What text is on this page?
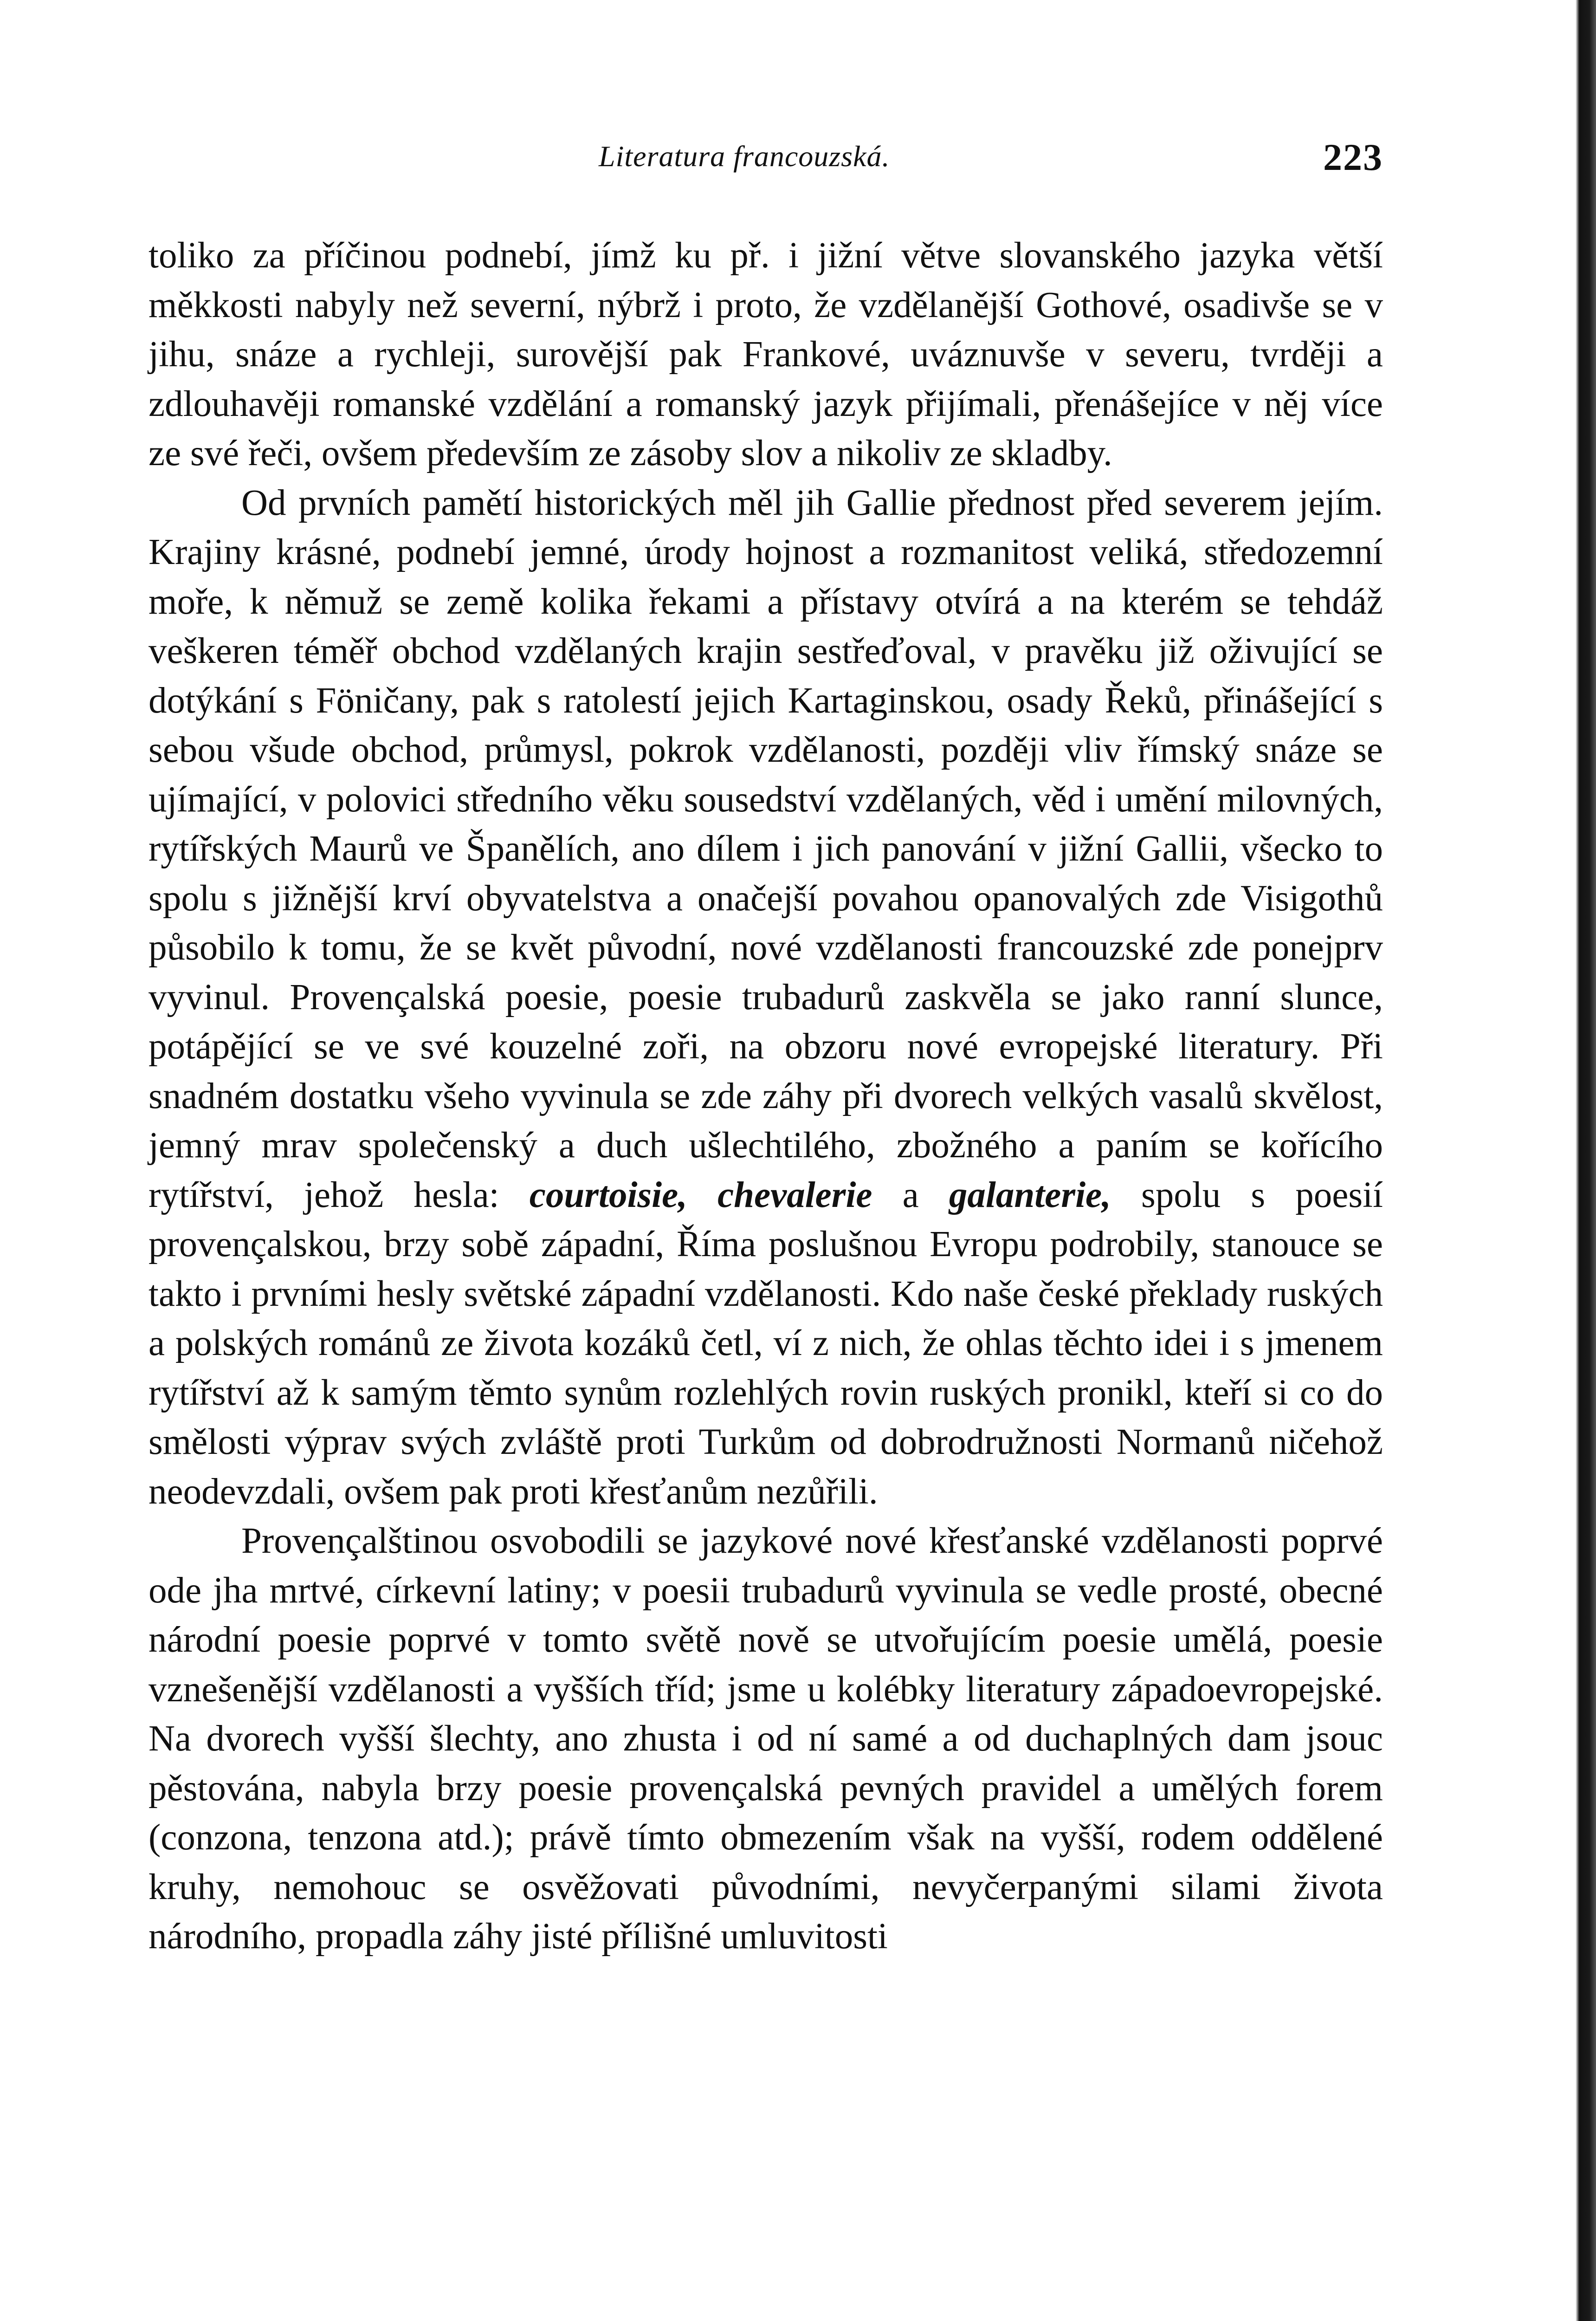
Literatura francouzská.	223

toliko za příčinou podnebí, jímž ku př. i jižní větve slovanského jazyka větší měkkosti nabyly než severní, nýbrž i proto, že vzdělanější Gothové, osadivše se v jihu, snáze a rychleji, surovější pak Frankové, uváznuvše v severu, tvrději a zdlouhavěji romanské vzdělání a romanský jazyk přijímali, přenášejíce v něj více ze své řeči, ovšem především ze zásoby slov a nikoliv ze skladby.

Od prvních pamětí historických měl jih Gallie přednost před severem jejím. Krajiny krásné, podnebí jemné, úrody hojnost a rozmanitost veliká, středozemní moře, k němuž se země kolika řekami a přístavy otvírá a na kterém se tehdáž veškeren téměř obchod vzdělaných krajin sestřeďoval, v pravěku již oživující se dotýkání s Föničany, pak s ratolestí jejich Kartaginskou, osady Řeků, přinášející s sebou všude obchod, průmysl, pokrok vzdělanosti, později vliv římský snáze se ujímající, v polovici středního věku sousedství vzdělaných, věd i umění milovných, rytířských Maurů ve Španělích, ano dílem i jich panování v jižní Gallii, všecko to spolu s jižnější krví obyvatelstva a onačejší povahou opanovalých zde Visigothů působilo k tomu, že se květ původní, nové vzdělanosti francouzské zde ponejprv vyvinul. Provençalská poesie, poesie trubadurů zaskvěla se jako ranní slunce, potápějící se ve své kouzelné zoři, na obzoru nové evropejské literatury. Při snadném dostatku všeho vyvinula se zde záhy při dvorech velkých vasalů skvělost, jemný mrav společenský a duch ušlechtilého, zbožného a paním se kořícího rytířství, jehož hesla: courtoisie, chevalerie a galanterie, spolu s poesií provençalskou, brzy sobě západní, Říma poslušnou Evropu podrobily, stanouce se takto i prvními hesly světské západní vzdělanosti. Kdo naše české překlady ruských a polských románů ze života kozáků četl, ví z nich, že ohlas těchto idei i s jmenem rytířství až k samým těmto synům rozlehlých rovin ruských pronikl, kteří si co do smělosti výprav svých zvláště proti Turkům od dobrodružnosti Normanů ničehož neodevzdali, ovšem pak proti křesťanům nezůřili.

Provençalštinou osvobodili se jazykové nové křesťanské vzdělanosti poprvé ode jha mrtvé, církevní latiny; v poesii trubadurů vyvinula se vedle prosté, obecné národní poesie poprvé v tomto světě nově se utvořujícím poesie umělá, poesie vznešenější vzdělanosti a vyšších tříd; jsme u kolébky literatury západoevropejské. Na dvorech vyšší šlechty, ano zhusta i od ní samé a od duchaplných dam jsouc pěstována, nabyla brzy poesie provençalská pevných pravidel a umělých forem (conzona, tenzona atd.); právě tímto obmezením však na vyšší, rodem oddělené kruhy, nemohouc se osvěžovati původními, nevyčerpanými silami života národního, propadla záhy jisté přílišné umluvitosti
